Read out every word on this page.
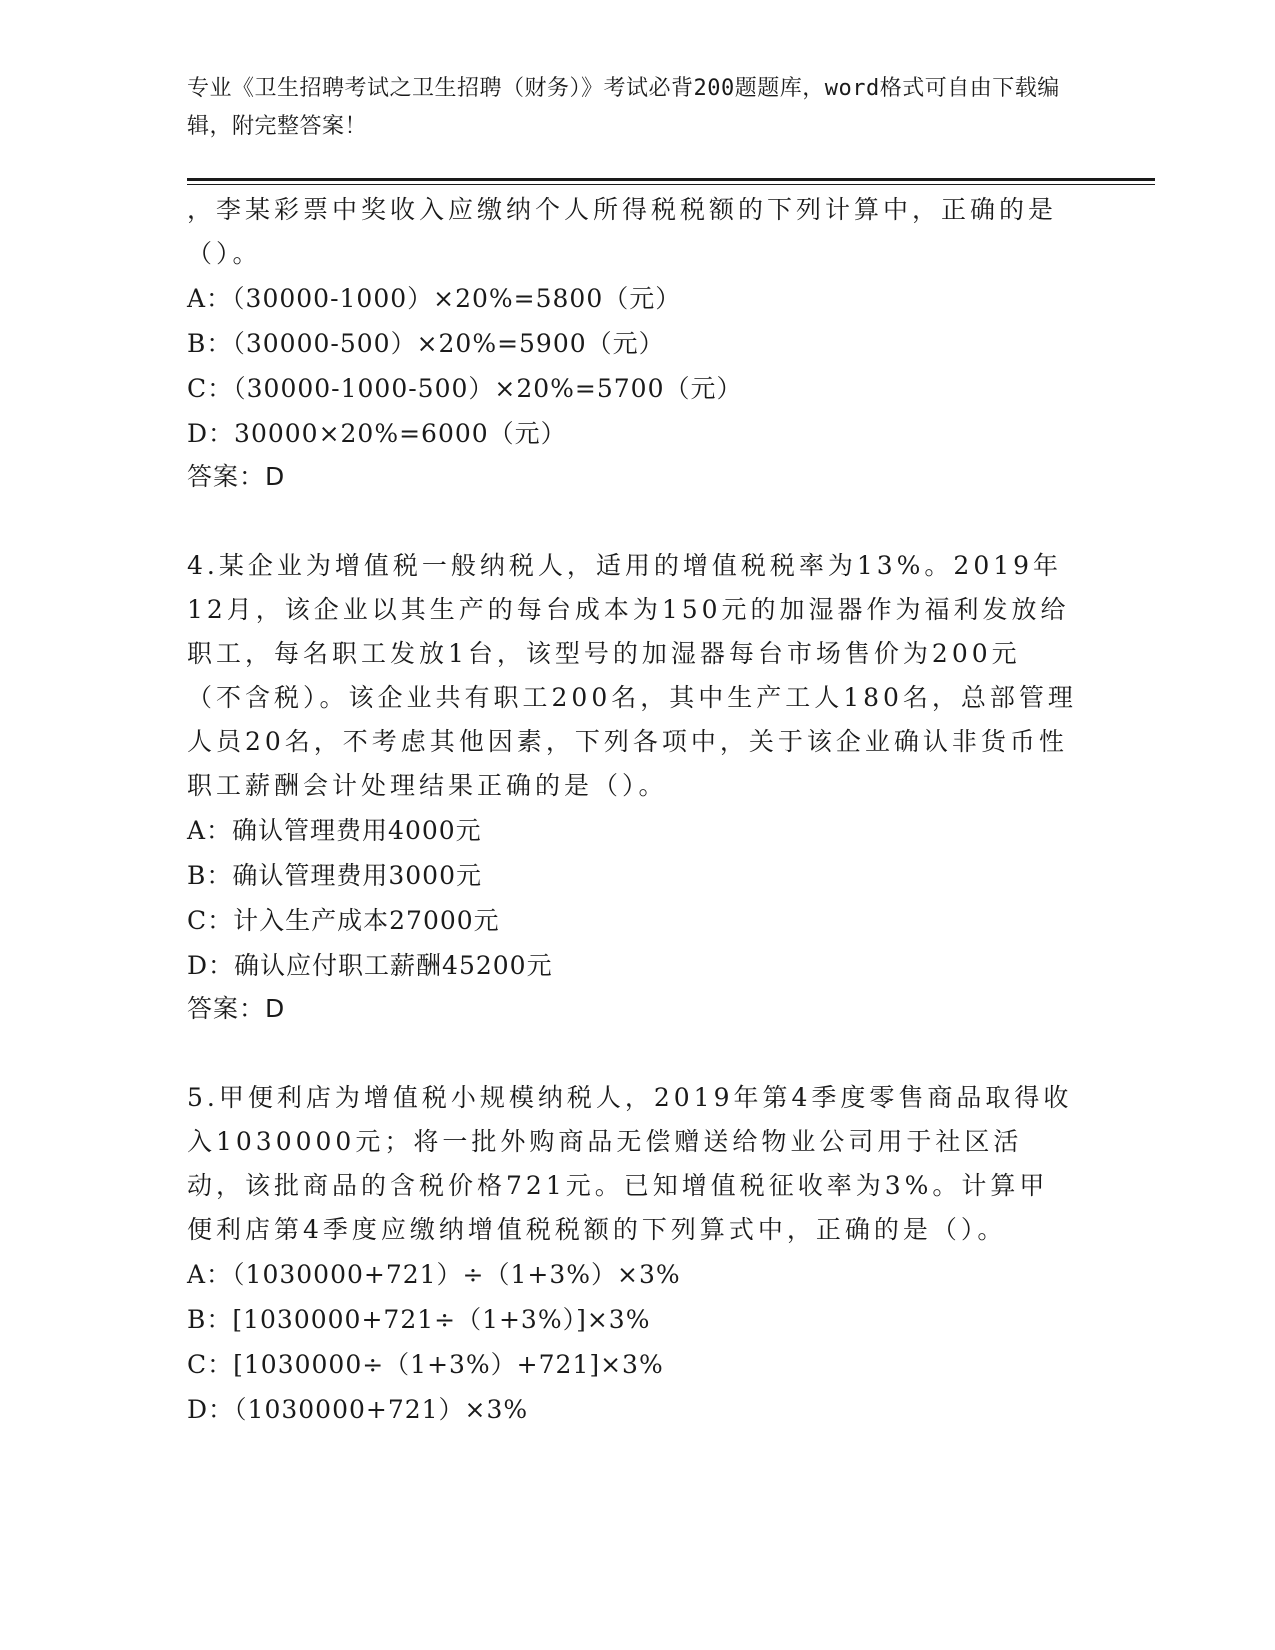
专业《卫生招聘考试之卫生招聘（财务）》考试必背200题题库，word格式可自由下载编辑，附完整答案！

，李某彩票中奖收入应缴纳个人所得税税额的下列计算中，正确的是（）。

A：（30000-1000）×20%=5800（元）

B：（30000-500）×20%=5900（元）

C：（30000-1000-500）×20%=5700（元）

D：30000×20%=6000（元）

答案：D

4.某企业为增值税一般纳税人，适用的增值税税率为13%。2019年12月，该企业以其生产的每台成本为150元的加湿器作为福利发放给职工，每名职工发放1台，该型号的加湿器每台市场售价为200元（不含税）。该企业共有职工200名，其中生产工人180名，总部管理人员20名，不考虑其他因素，下列各项中，关于该企业确认非货币性职工薪酬会计处理结果正确的是（）。

A：确认管理费用4000元

B：确认管理费用3000元

C：计入生产成本27000元

D：确认应付职工薪酬45200元

答案：D

5.甲便利店为增值税小规模纳税人，2019年第4季度零售商品取得收入1030000元；将一批外购商品无偿赠送给物业公司用于社区活动，该批商品的含税价格721元。已知增值税征收率为3%。计算甲便利店第4季度应缴纳增值税税额的下列算式中，正确的是（）。

A：（1030000+721）÷（1+3%）×3%

B：[1030000+721÷（1+3%）]×3%

C：[1030000÷（1+3%）+721]×3%

D：（1030000+721）×3%
